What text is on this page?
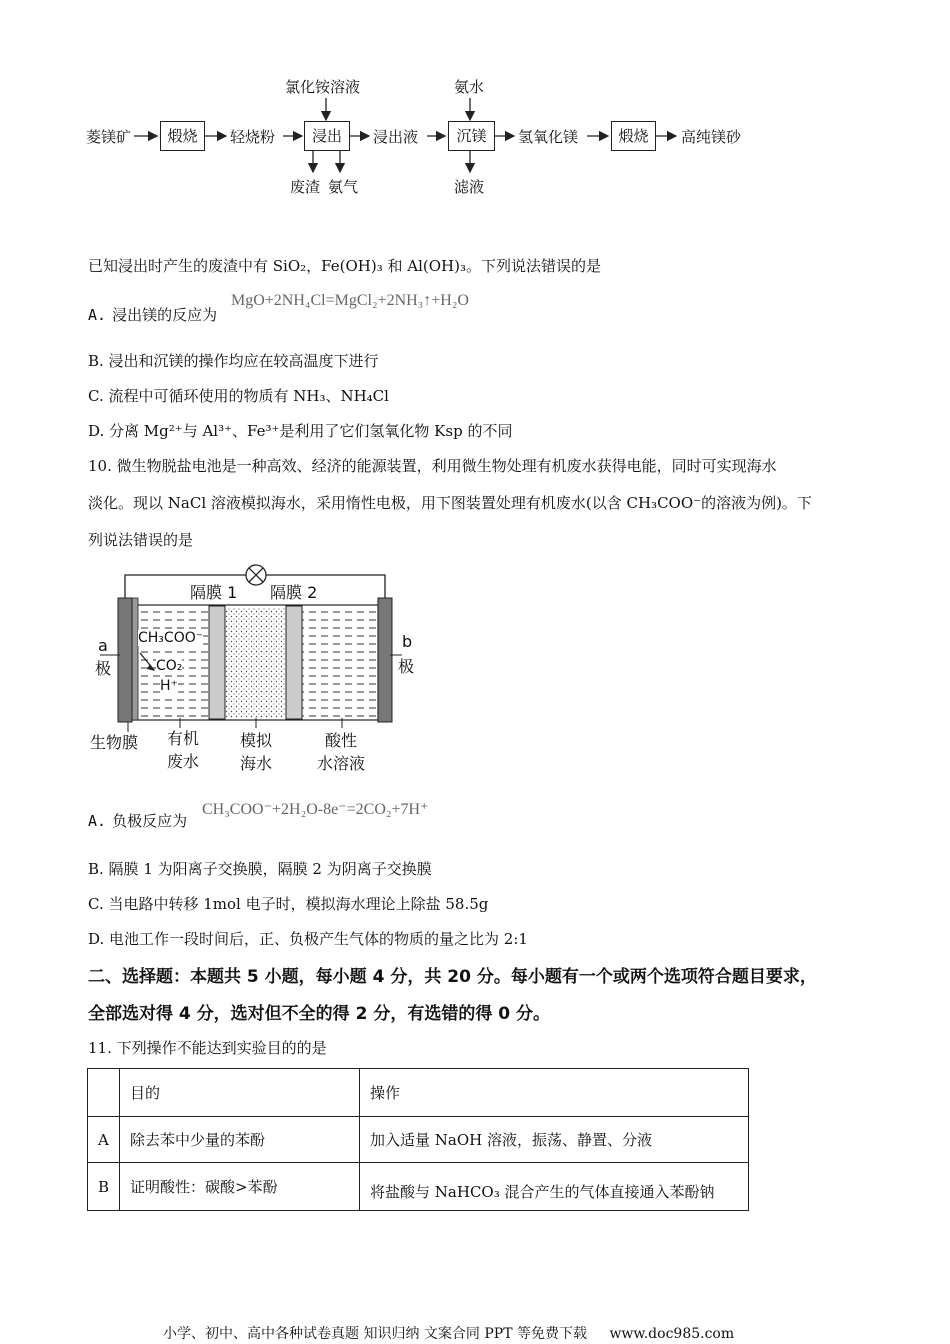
菱镁矿	煅烧	轻烧粉	浸出
氯化铵溶液
废渣 氨气
浸出液	沉镁
氨水
滤液
氢氧化镁	煅烧	高纯镁砂
已知浸出时产生的废渣中有 SiO₂，Fe(OH)₃ 和 Al(OH)₃。下列说法错误的是
A. 浸出镁的反应为
MgO+2NH₄Cl=MgCl₂+2NH₃↑+H₂O
B. 浸出和沉镁的操作均应在较高温度下进行
C. 流程中可循环使用的物质有 NH₃、NH₄Cl
D. 分离 Mg²⁺与 Al³⁺、Fe³⁺是利用了它们氢氧化物 Ksp 的不同
10. 微生物脱盐电池是一种高效、经济的能源装置，利用微生物处理有机废水获得电能，同时可实现海水
淡化。现以 NaCl 溶液模拟海水，采用惰性电极，用下图装置处理有机废水(以含 CH₃COO⁻的溶液为例)。下
列说法错误的是
隔膜 1 隔膜 2
a
极
b
极
CH₃COO⁻
CO₂
H⁺
生物膜 有机
废水
模拟
海水
酸性
水溶液
A. 负极反应为
CH₃COO⁻+2H₂O-8e⁻=2CO₂+7H⁺
B. 隔膜 1 为阳离子交换膜，隔膜 2 为阴离子交换膜
C. 当电路中转移 1mol 电子时，模拟海水理论上除盐 58.5g
D. 电池工作一段时间后，正、负极产生气体的物质的量之比为 2:1
二、选择题：本题共 5 小题，每小题 4 分，共 20 分。每小题有一个或两个选项符合题目要求，
全部选对得 4 分，选对但不全的得 2 分，有选错的得 0 分。
11. 下列操作不能达到实验目的的是
	目的	操作
A	除去苯中少量的苯酚	加入适量 NaOH 溶液，振荡、静置、分液
B	证明酸性：碳酸>苯酚	将盐酸与 NaHCO₃ 混合产生的气体直接通入苯酚钠
小学、初中、高中各种试卷真题 知识归纳 文案合同 PPT 等免费下载 www.doc985.com
